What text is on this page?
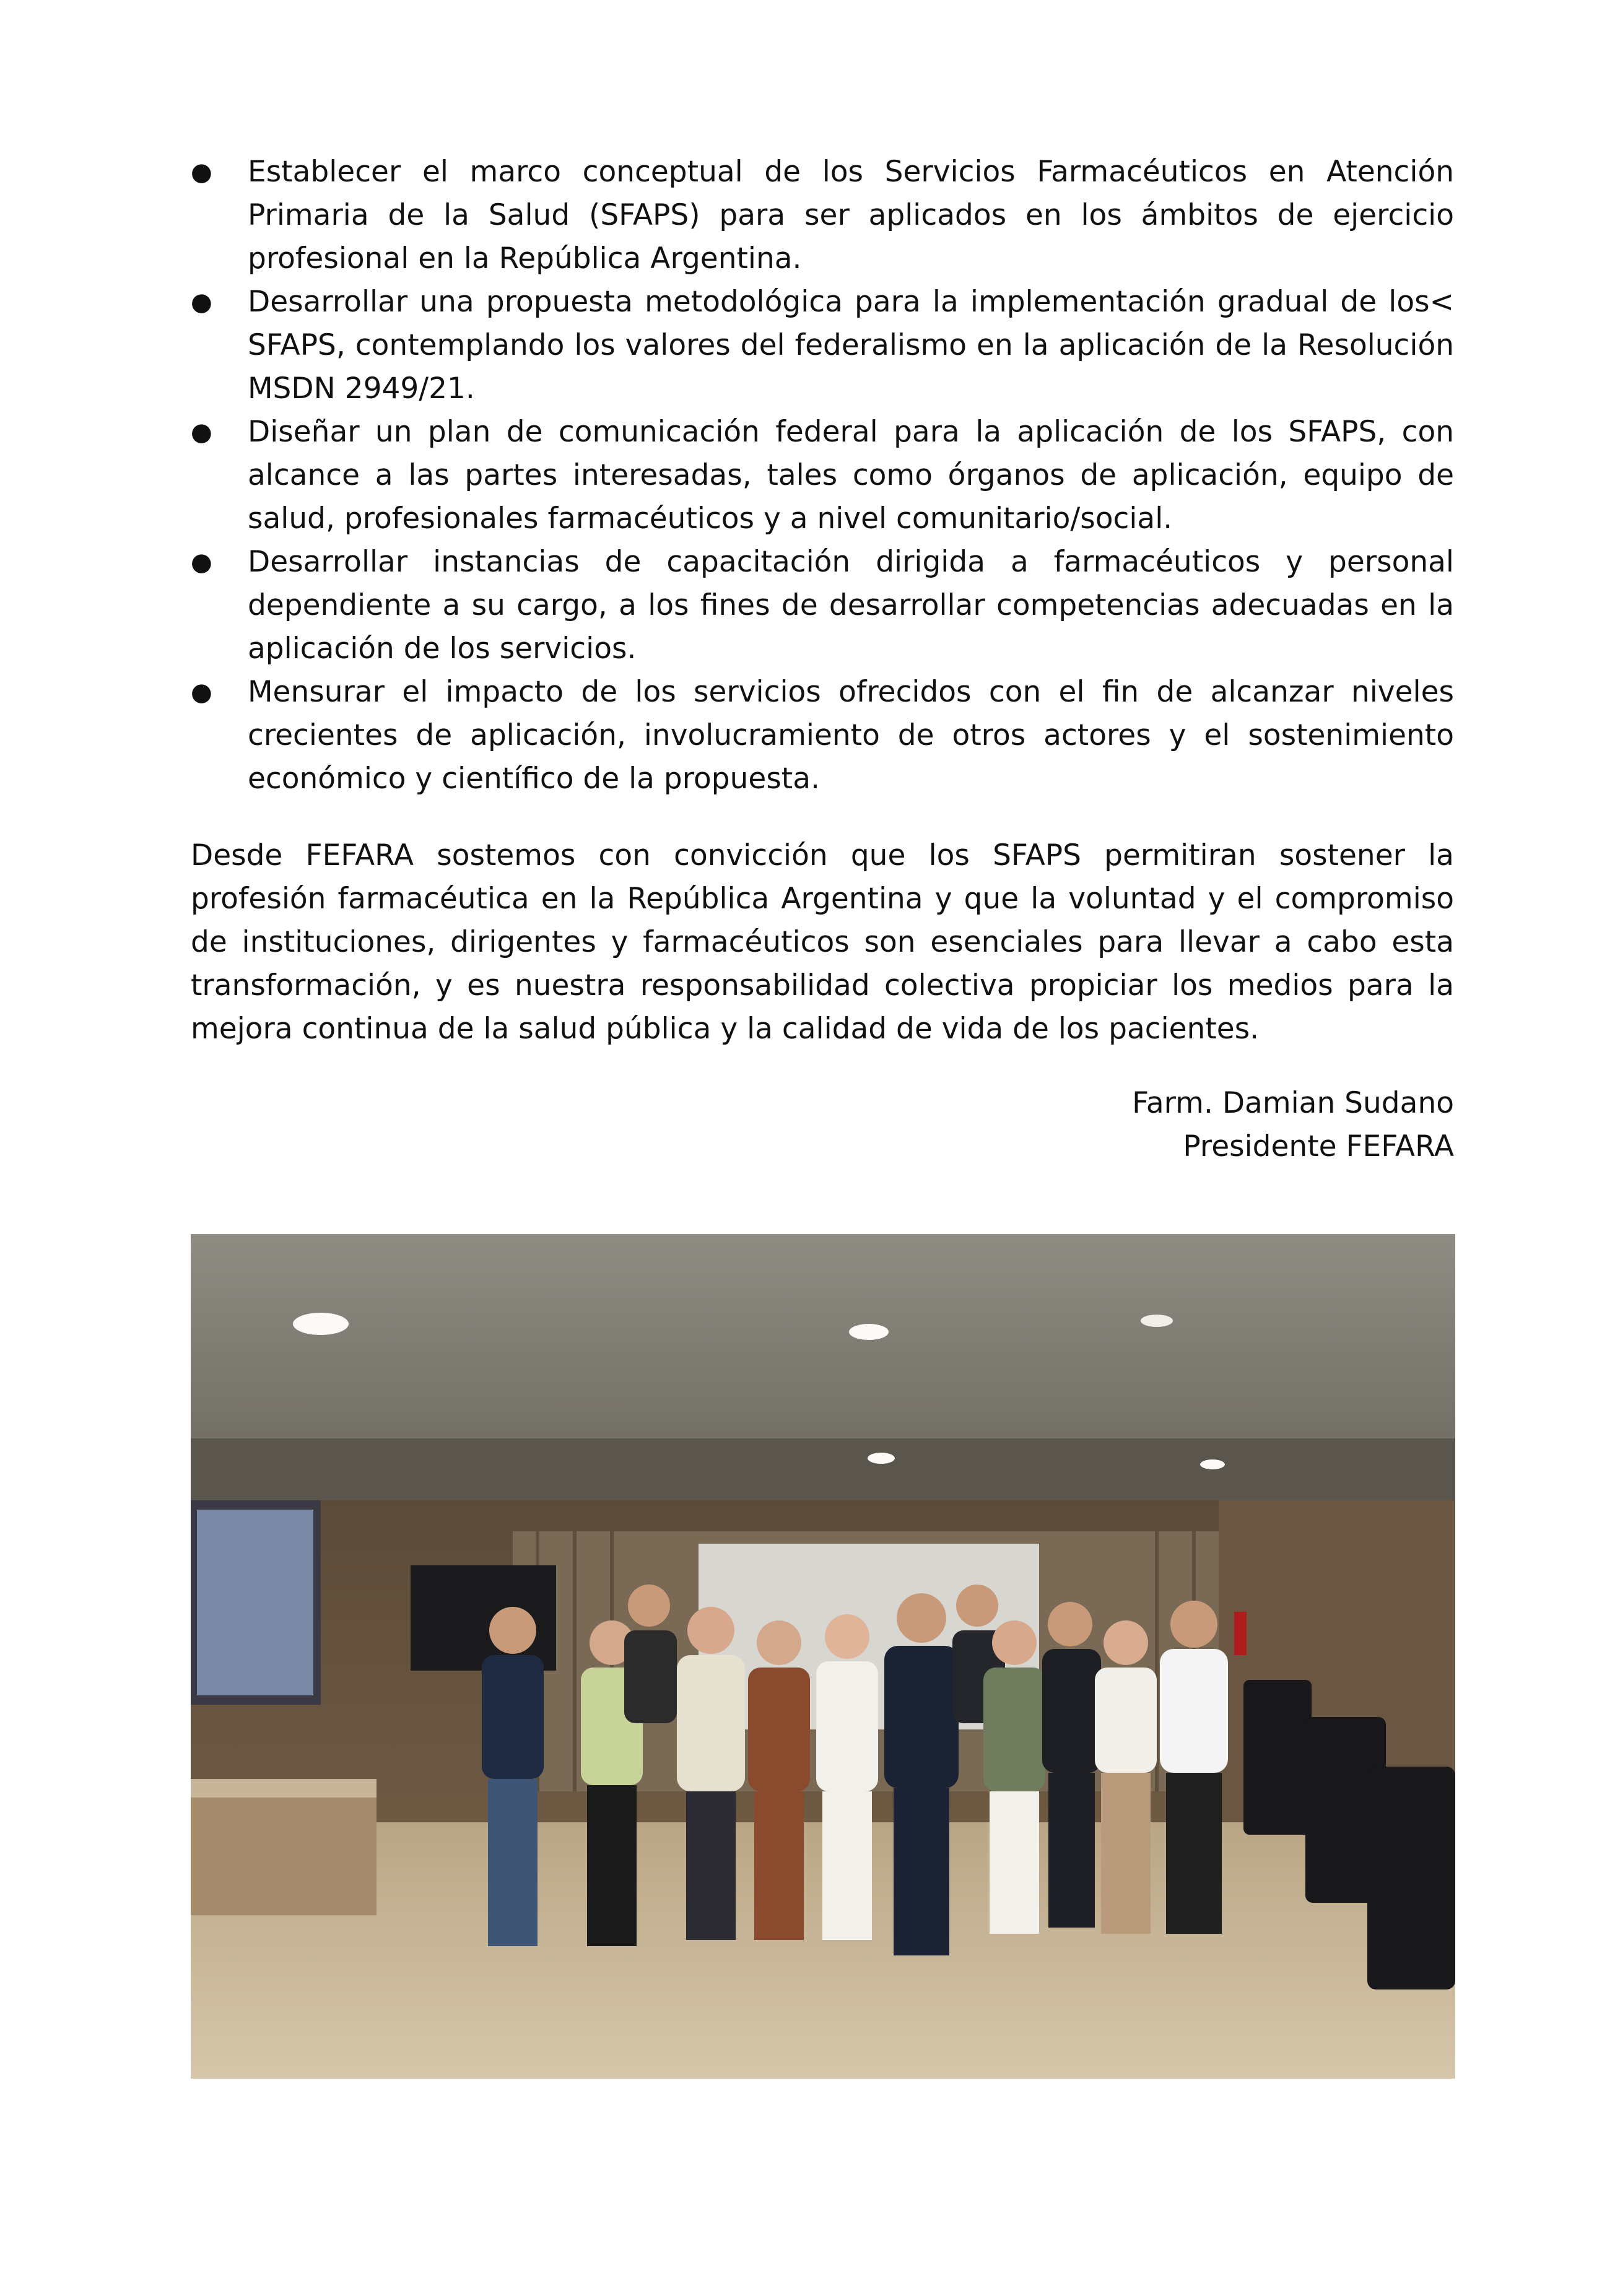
● Establecer el marco conceptual de los Servicios Farmacéuticos en Atención Primaria de la Salud (SFAPS) para ser aplicados en los ámbitos de ejercicio profesional en la República Argentina.
● Desarrollar una propuesta metodológica para la implementación gradual de los< SFAPS, contemplando los valores del federalismo en la aplicación de la Resolución MSDN 2949/21.
● Diseñar un plan de comunicación federal para la aplicación de los SFAPS, con alcance a las partes interesadas, tales como órganos de aplicación, equipo de salud, profesionales farmacéuticos y a nivel comunitario/social.
● Desarrollar instancias de capacitación dirigida a farmacéuticos y personal dependiente a su cargo, a los fines de desarrollar competencias adecuadas en la aplicación de los servicios.
● Mensurar el impacto de los servicios ofrecidos con el fin de alcanzar niveles crecientes de aplicación, involucramiento de otros actores y el sostenimiento económico y científico de la propuesta.

Desde FEFARA sostemos con convicción que los SFAPS permitiran sostener la profesión farmacéutica en la República Argentina y que la voluntad y el compromiso de instituciones, dirigentes y farmacéuticos son esenciales para llevar a cabo esta transformación, y es nuestra responsabilidad colectiva propiciar los medios para la mejora continua de la salud pública y la calidad de vida de los pacientes.

Farm. Damian Sudano
Presidente FEFARA
